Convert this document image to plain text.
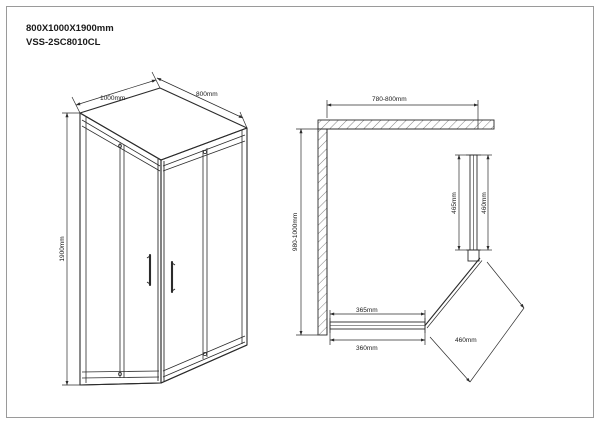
1000mm
800mm
1900mm
780-800mm
980-1000mm
465mm	460mm
365mm
360mm
460mm
800X1000X1900mm
VSS-2SC8010CL
